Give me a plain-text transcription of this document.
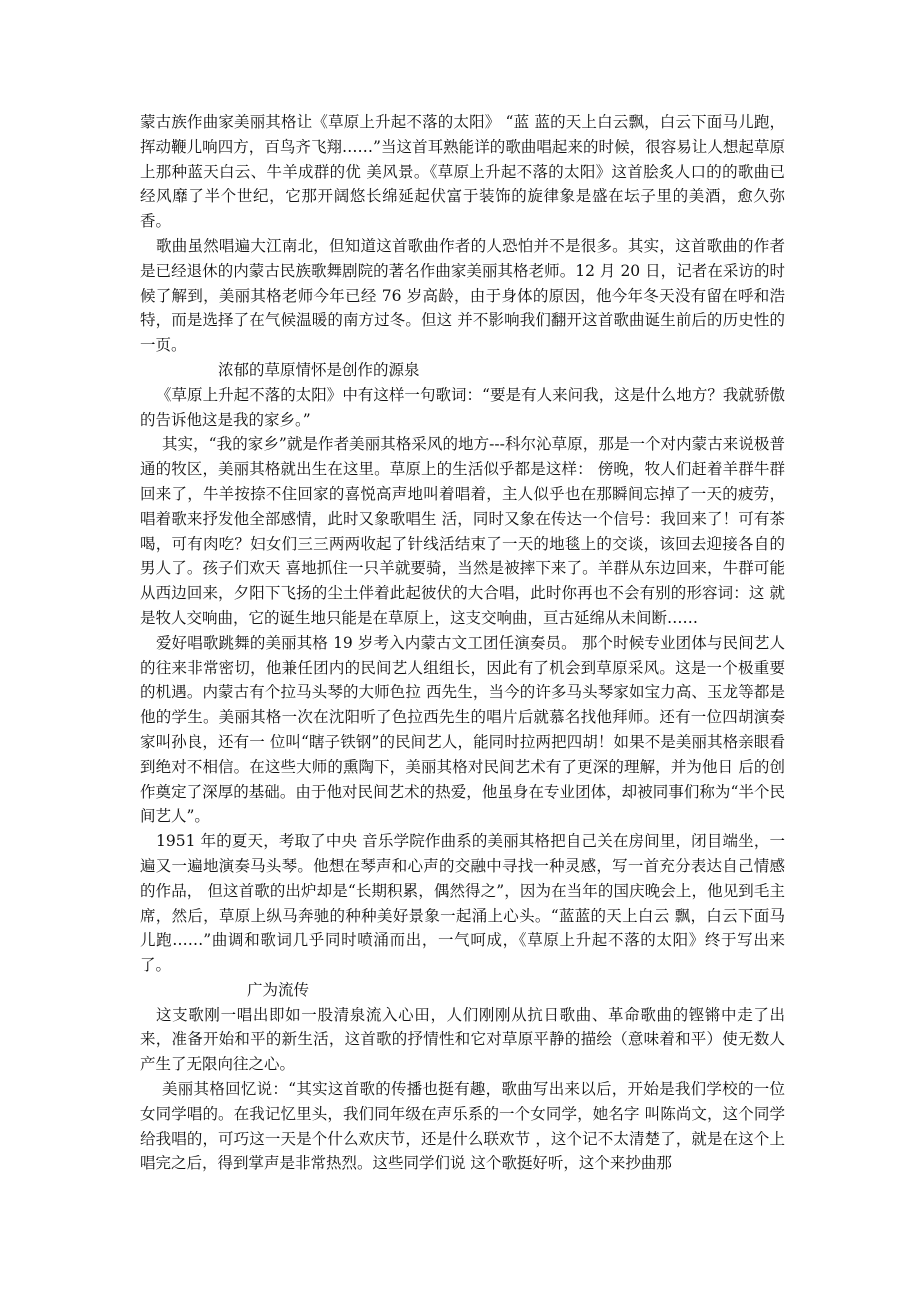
蒙古族作曲家美丽其格让《草原上升起不落的太阳》 “蓝 蓝的天上白云飘，白云下面马儿跑，挥动鞭儿响四方，百鸟齐飞翔……”当这首耳熟能详的歌曲唱起来的时候，很容易让人想起草原上那种蓝天白云、牛羊成群的优 美风景。《草原上升起不落的太阳》这首脍炙人口的的歌曲已经风靡了半个世纪，它那开阔悠长绵延起伏富于装饰的旋律象是盛在坛子里的美酒，愈久弥香。

歌曲虽然唱遍大江南北，但知道这首歌曲作者的人恐怕并不是很多。其实，这首歌曲的作者是已经退休的内蒙古民族歌舞剧院的著名作曲家美丽其格老师。12 月 20 日，记者在采访的时候了解到，美丽其格老师今年已经 76 岁高龄，由于身体的原因，他今年冬天没有留在呼和浩特，而是选择了在气候温暖的南方过冬。但这 并不影响我们翻开这首歌曲诞生前后的历史性的一页。

浓郁的草原情怀是创作的源泉

《草原上升起不落的太阳》中有这样一句歌词：“要是有人来问我，这是什么地方？我就骄傲的告诉他这是我的家乡。”

其实，“我的家乡”就是作者美丽其格采风的地方---科尔沁草原，那是一个对内蒙古来说极普通的牧区，美丽其格就出生在这里。草原上的生活似乎都是这样： 傍晚，牧人们赶着羊群牛群回来了，牛羊按捺不住回家的喜悦高声地叫着唱着，主人似乎也在那瞬间忘掉了一天的疲劳，唱着歌来抒发他全部感情，此时又象歌唱生 活，同时又象在传达一个信号：我回来了！可有茶喝，可有肉吃？妇女们三三两两收起了针线活结束了一天的地毯上的交谈，该回去迎接各自的男人了。孩子们欢天 喜地抓住一只羊就要骑，当然是被摔下来了。羊群从东边回来，牛群可能从西边回来，夕阳下飞扬的尘土伴着此起彼伏的大合唱，此时你再也不会有别的形容词：这 就是牧人交响曲，它的诞生地只能是在草原上，这支交响曲，亘古延绵从未间断……

爱好唱歌跳舞的美丽其格 19 岁考入内蒙古文工团任演奏员。 那个时候专业团体与民间艺人的往来非常密切，他兼任团内的民间艺人组组长，因此有了机会到草原采风。这是一个极重要的机遇。内蒙古有个拉马头琴的大师色拉 西先生，当今的许多马头琴家如宝力高、玉龙等都是他的学生。美丽其格一次在沈阳听了色拉西先生的唱片后就慕名找他拜师。还有一位四胡演奏家叫孙良，还有一 位叫“瞎子铁钢”的民间艺人，能同时拉两把四胡！如果不是美丽其格亲眼看到绝对不相信。在这些大师的熏陶下，美丽其格对民间艺术有了更深的理解，并为他日 后的创作奠定了深厚的基础。由于他对民间艺术的热爱，他虽身在专业团体，却被同事们称为“半个民间艺人”。

1951 年的夏天，考取了中央 音乐学院作曲系的美丽其格把自己关在房间里，闭目端坐，一遍又一遍地演奏马头琴。他想在琴声和心声的交融中寻找一种灵感，写一首充分表达自己情感的作品， 但这首歌的出炉却是“长期积累，偶然得之”，因为在当年的国庆晚会上，他见到毛主席，然后，草原上纵马奔驰的种种美好景象一起涌上心头。“蓝蓝的天上白云 飘，白云下面马儿跑……”曲调和歌词几乎同时喷涌而出，一气呵成，《草原上升起不落的太阳》终于写出来了。

广为流传

这支歌刚一唱出即如一股清泉流入心田，人们刚刚从抗日歌曲、革命歌曲的铿锵中走了出来，准备开始和平的新生活，这首歌的抒情性和它对草原平静的描绘（意味着和平）使无数人产生了无限向往之心。

美丽其格回忆说：“其实这首歌的传播也挺有趣，歌曲写出来以后，开始是我们学校的一位女同学唱的。在我记忆里头，我们同年级在声乐系的一个女同学，她名字 叫陈尚文，这个同学给我唱的，可巧这一天是个什么欢庆节，还是什么联欢节 ，这个记不太清楚了，就是在这个上唱完之后，得到掌声是非常热烈。这些同学们说 这个歌挺好听，这个来抄曲那
